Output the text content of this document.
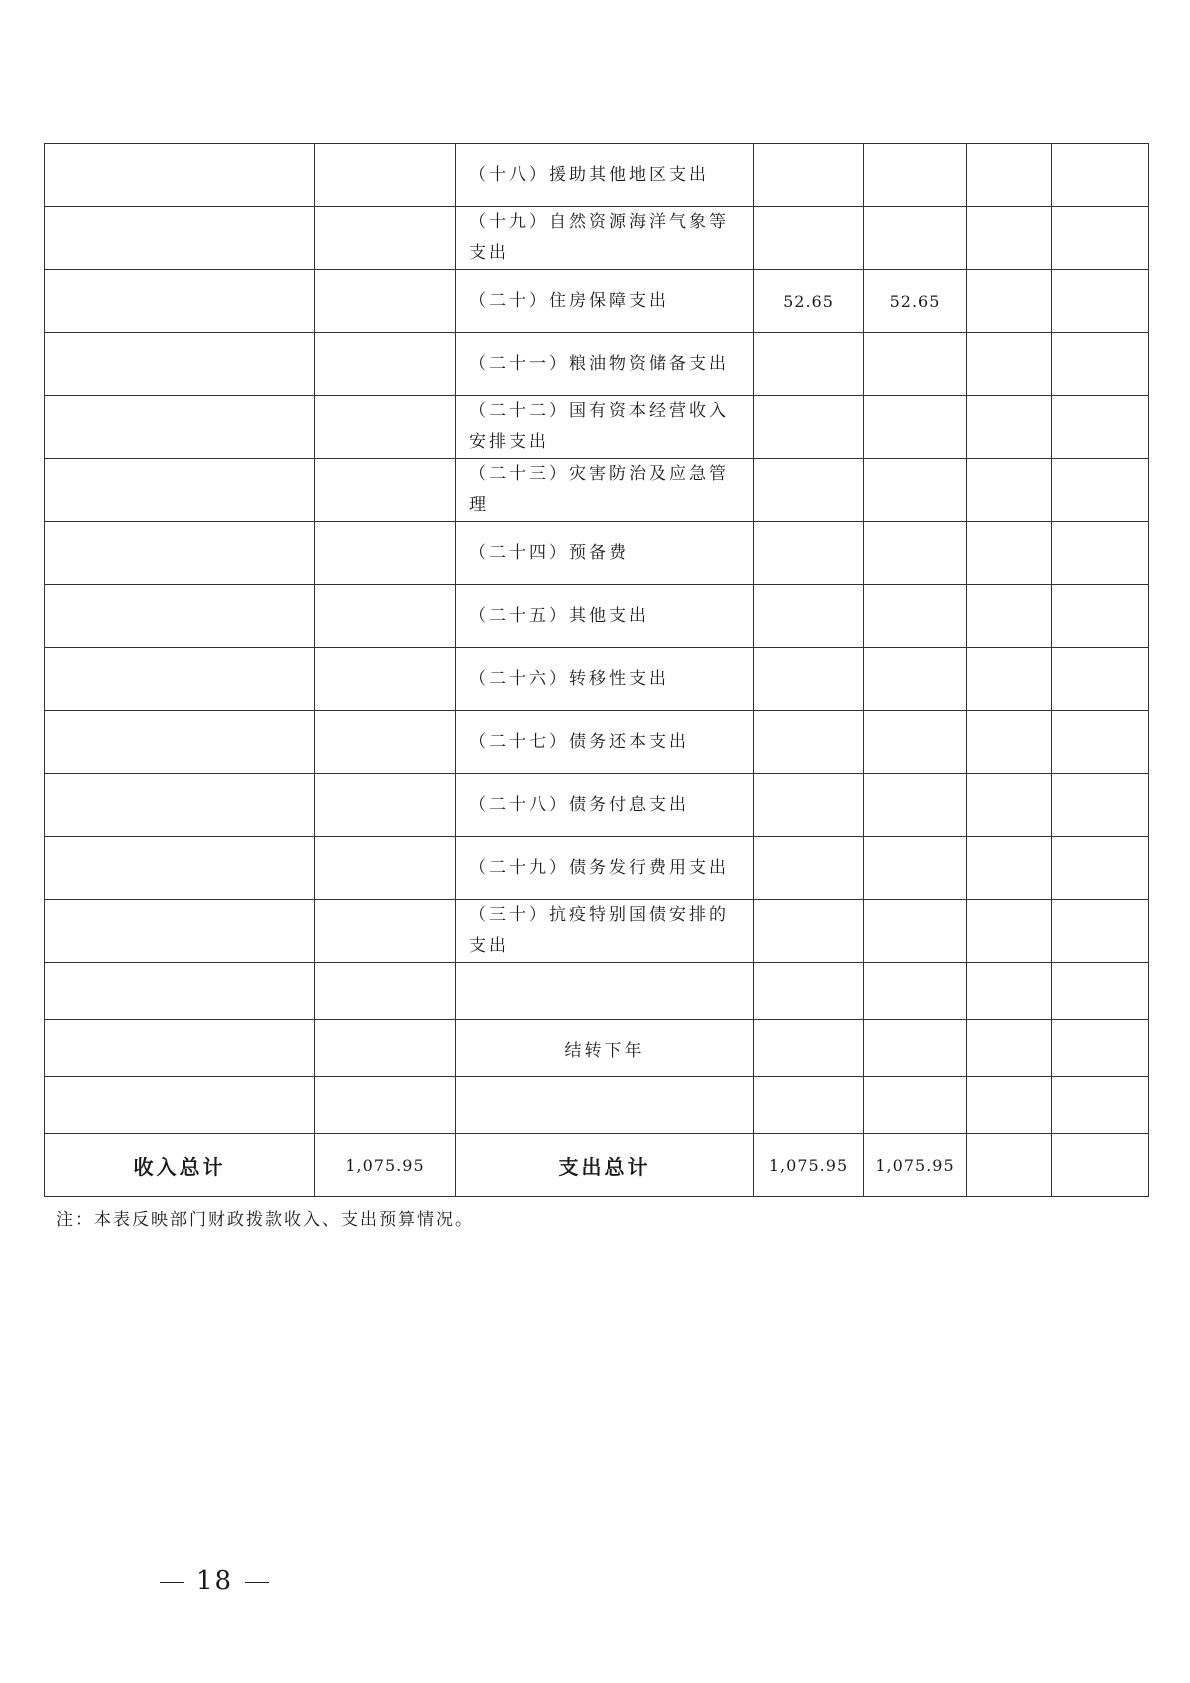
		（十八）援助其他地区支出				
		（十九）自然资源海洋气象等支出				
		（二十）住房保障支出	52.65	52.65		
		（二十一）粮油物资储备支出				
		（二十二）国有资本经营收入安排支出				
		（二十三）灾害防治及应急管理				
		（二十四）预备费				
		（二十五）其他支出				
		（二十六）转移性支出				
		（二十七）债务还本支出				
		（二十八）债务付息支出				
		（二十九）债务发行费用支出				
		（三十）抗疫特别国债安排的支出				

		结转下年				

收入总计	1,075.95	支出总计	1,075.95	1,075.95		
注：本表反映部门财政拨款收入、支出预算情况。
18
